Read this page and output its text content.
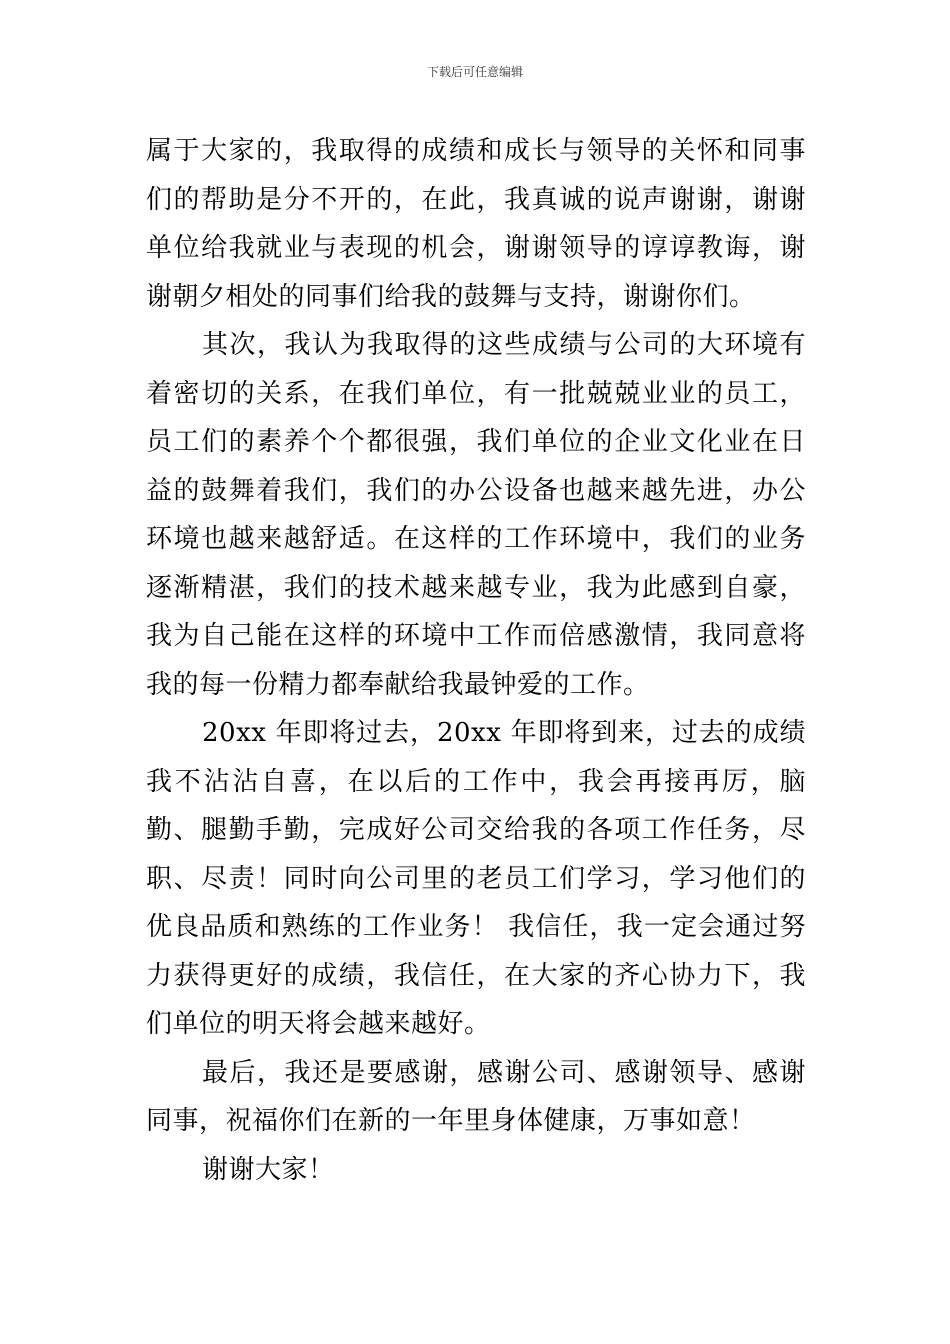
下载后可任意编辑

属于大家的，我取得的成绩和成长与领导的关怀和同事们的帮助是分不开的，在此，我真诚的说声谢谢，谢谢单位给我就业与表现的机会，谢谢领导的谆谆教诲，谢谢朝夕相处的同事们给我的鼓舞与支持，谢谢你们。

其次，我认为我取得的这些成绩与公司的大环境有着密切的关系，在我们单位，有一批兢兢业业的员工，员工们的素养个个都很强，我们单位的企业文化业在日益的鼓舞着我们，我们的办公设备也越来越先进，办公环境也越来越舒适。在这样的工作环境中，我们的业务逐渐精湛，我们的技术越来越专业，我为此感到自豪，我为自己能在这样的环境中工作而倍感激情，我同意将我的每一份精力都奉献给我最钟爱的工作。

20xx 年即将过去，20xx 年即将到来，过去的成绩我不沾沾自喜，在以后的工作中，我会再接再厉，脑勤、腿勤手勤，完成好公司交给我的各项工作任务，尽职、尽责！同时向公司里的老员工们学习，学习他们的优良品质和熟练的工作业务！ 我信任，我一定会通过努力获得更好的成绩，我信任，在大家的齐心协力下，我们单位的明天将会越来越好。

最后，我还是要感谢，感谢公司、感谢领导、感谢同事，祝福你们在新的一年里身体健康，万事如意！

谢谢大家！
